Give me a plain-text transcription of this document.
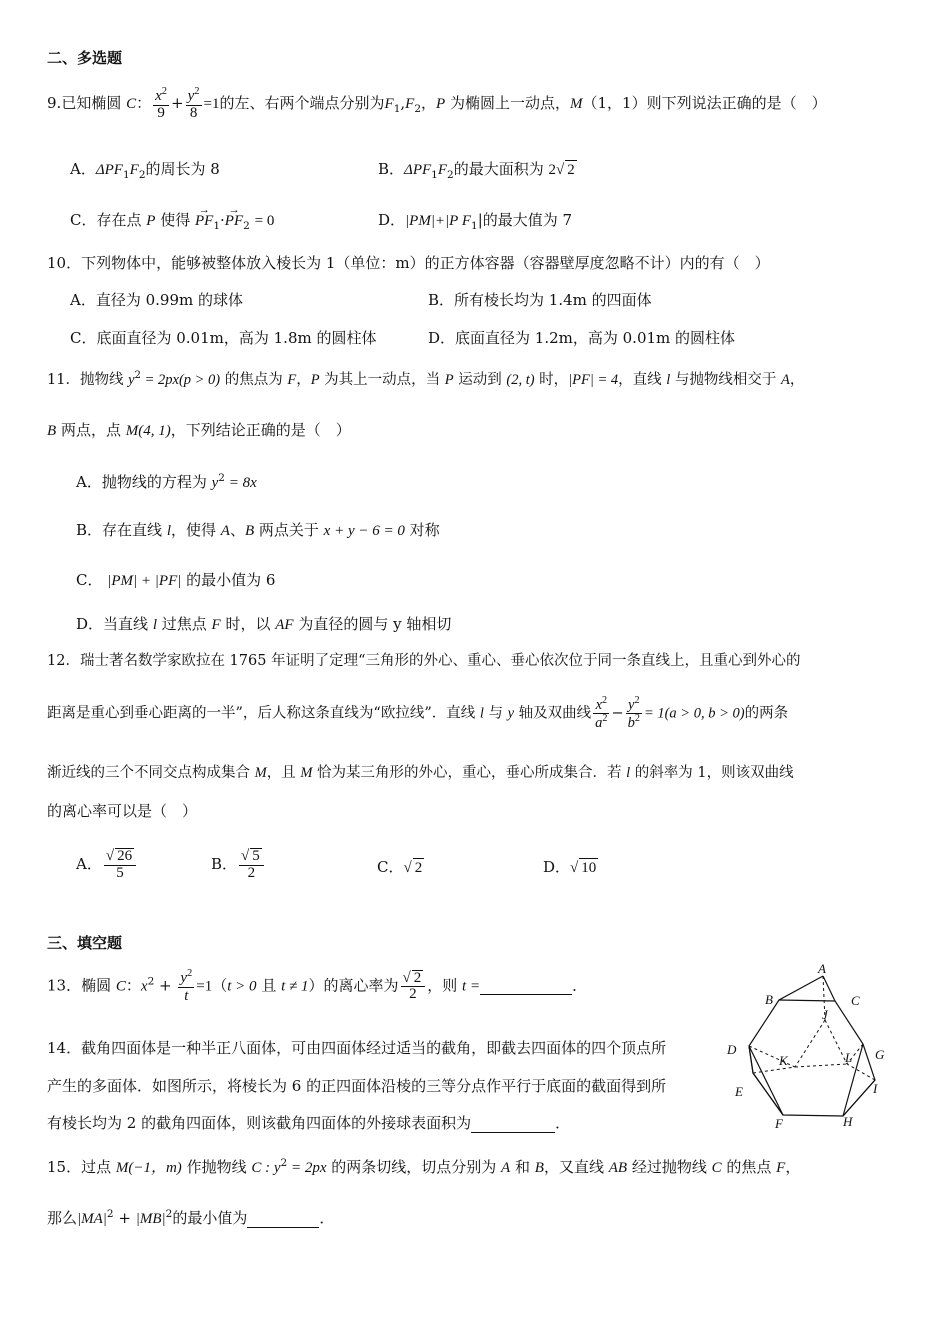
二、多选题
9.已知椭圆 C： $\frac{x^2}{9} + \frac{y^2}{8} =1$的左、右两个端点分别为$F_1,F_2$，P 为椭圆上一动点，M（1，1）则下列说法正确的是（　）
A．$\Delta PF_1F_2$的周长为 8	B．$\Delta PF_1F_2$的最大面积为 2√ 2
C．存在点 P 使得 → $PF_1\cdot\to PF_2 = 0$	D．|PM|+|P $F_1|$的最大值为 7
10．下列物体中，能够被整体放入棱长为 1（单位：m）的正方体容器（容器壁厚度忽略不计）内的有（　）
A．直径为 0.99m 的球体	B．所有棱长均为 1.4m 的四面体
C．底面直径为 0.01m，高为 1.8m 的圆柱体	D．底面直径为 1.2m，高为 0.01m 的圆柱体
11．抛物线 $y^2 = 2px(p > 0)$ 的焦点为 F，P 为其上一动点，当 P 运动到 (2, t) 时，|PF| = 4，直线 l 与抛物线相交于 A，
B 两点，点 M(4, 1)，下列结论正确的是（　）
A．抛物线的方程为 $y^2 = 8x$
B．存在直线 l，使得 A、B 两点关于 x + y − 6 = 0 对称
C． |PM| + |PF| 的最小值为 6
D．当直线 l 过焦点 F 时，以 AF 为直径的圆与 y 轴相切
12．瑞士著名数学家欧拉在 1765 年证明了定理“三角形的外心、重心、垂心依次位于同一条直线上，且重心到外心的
距离是重心到垂心距离的一半”，后人称这条直线为“欧拉线”．直线 l 与 y 轴及双曲线 $\frac{x^2}{a^2} - \frac{y^2}{b^2} = 1(a > 0$, b > 0)的两条
渐近线的三个不同交点构成集合 M，且 M 恰为某三角形的外心，重心，垂心所成集合．若 l 的斜率为 1，则该双曲线
的离心率可以是（　）
A． $\frac{√ 26}{5}$	B． $\frac{√ 5}{2}$	C．√ 2	D．√ 10
三、填空题
13．椭圆 C：$x^2 + \frac{y^2}{t} =1(t > 0$ 且 t ≠ 1）的离心率为 $\frac{√ 2}{2}$ ，则 t =	．
14．截角四面体是一种半正八面体，可由四面体经过适当的截角，即截去四面体的四个顶点所
产生的多面体．如图所示，将棱长为 6 的正四面体沿棱的三等分点作平行于底面的截面得到所
有棱长均为 2 的截角四面体，则该截角四面体的外接球表面积为	．
A
B	C
D
E
F
G
H
I
J
K	L
15．过点 M(−1，m) 作抛物线 C : $y^2 = 2px$ 的两条切线，切点分别为 A 和 B，又直线 AB 经过抛物线 C 的焦点 F，
那么$|MA|^2 + |MB|^2$的最小值为	．
